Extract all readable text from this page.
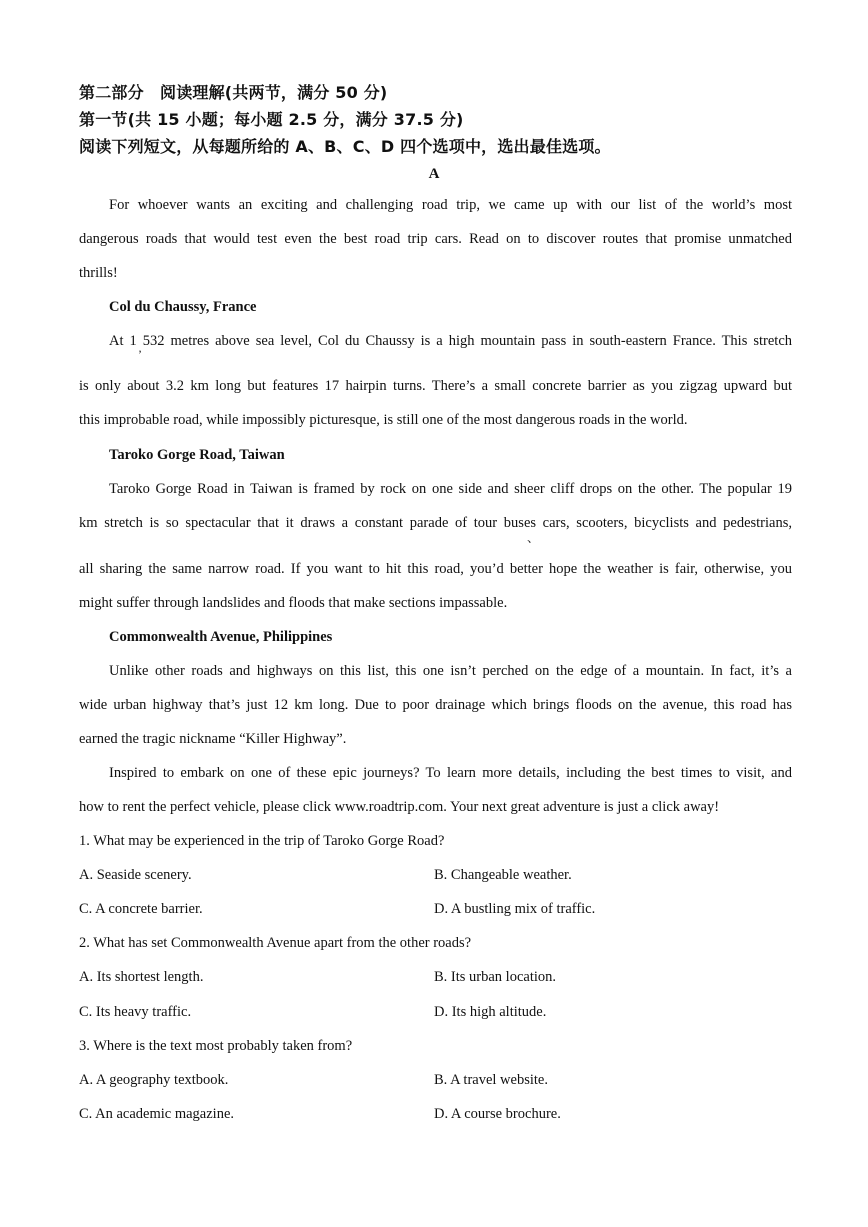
第二部分　阅读理解(共两节，满分 50 分)
第一节(共 15 小题；每小题 2.5 分，满分 37.5 分)
阅读下列短文，从每题所给的 A、B、C、D 四个选项中，选出最佳选项。
A
For whoever wants an exciting and challenging road trip, we came up with our list of the world’s most
dangerous roads that would test even the best road trip cars. Read on to discover routes that promise unmatched
thrills!
Col du Chaussy, France
At 1 532 metres above sea level, Col du Chaussy is a high mountain pass in south-eastern France. This stretch
’
is only about 3.2 km long but features 17 hairpin turns. There’s a small concrete barrier as you zigzag upward but
this improbable road, while impossibly picturesque, is still one of the most dangerous roads in the world.
Taroko Gorge Road, Taiwan
Taroko Gorge Road in Taiwan is framed by rock on one side and sheer cliff drops on the other. The popular 19
km stretch is so spectacular that it draws a constant parade of tour buses cars, scooters, bicyclists and pedestrians,
、
all sharing the same narrow road. If you want to hit this road, you’d better hope the weather is fair, otherwise, you
might suffer through landslides and floods that make sections impassable.
Commonwealth Avenue, Philippines
Unlike other roads and highways on this list, this one isn’t perched on the edge of a mountain. In fact, it’s a
wide urban highway that’s just 12 km long. Due to poor drainage which brings floods on the avenue, this road has
earned the tragic nickname “Killer Highway”.
Inspired to embark on one of these epic journeys? To learn more details, including the best times to visit, and
how to rent the perfect vehicle, please click www.roadtrip.com. Your next great adventure is just a click away!
1. What may be experienced in the trip of Taroko Gorge Road?
A. Seaside scenery.	B. Changeable weather.
C. A concrete barrier.	D. A bustling mix of traffic.
2. What has set Commonwealth Avenue apart from the other roads?
A. Its shortest length.	B. Its urban location.
C. Its heavy traffic.	D. Its high altitude.
3. Where is the text most probably taken from?
A. A geography textbook.	B. A travel website.
C. An academic magazine.	D. A course brochure.
